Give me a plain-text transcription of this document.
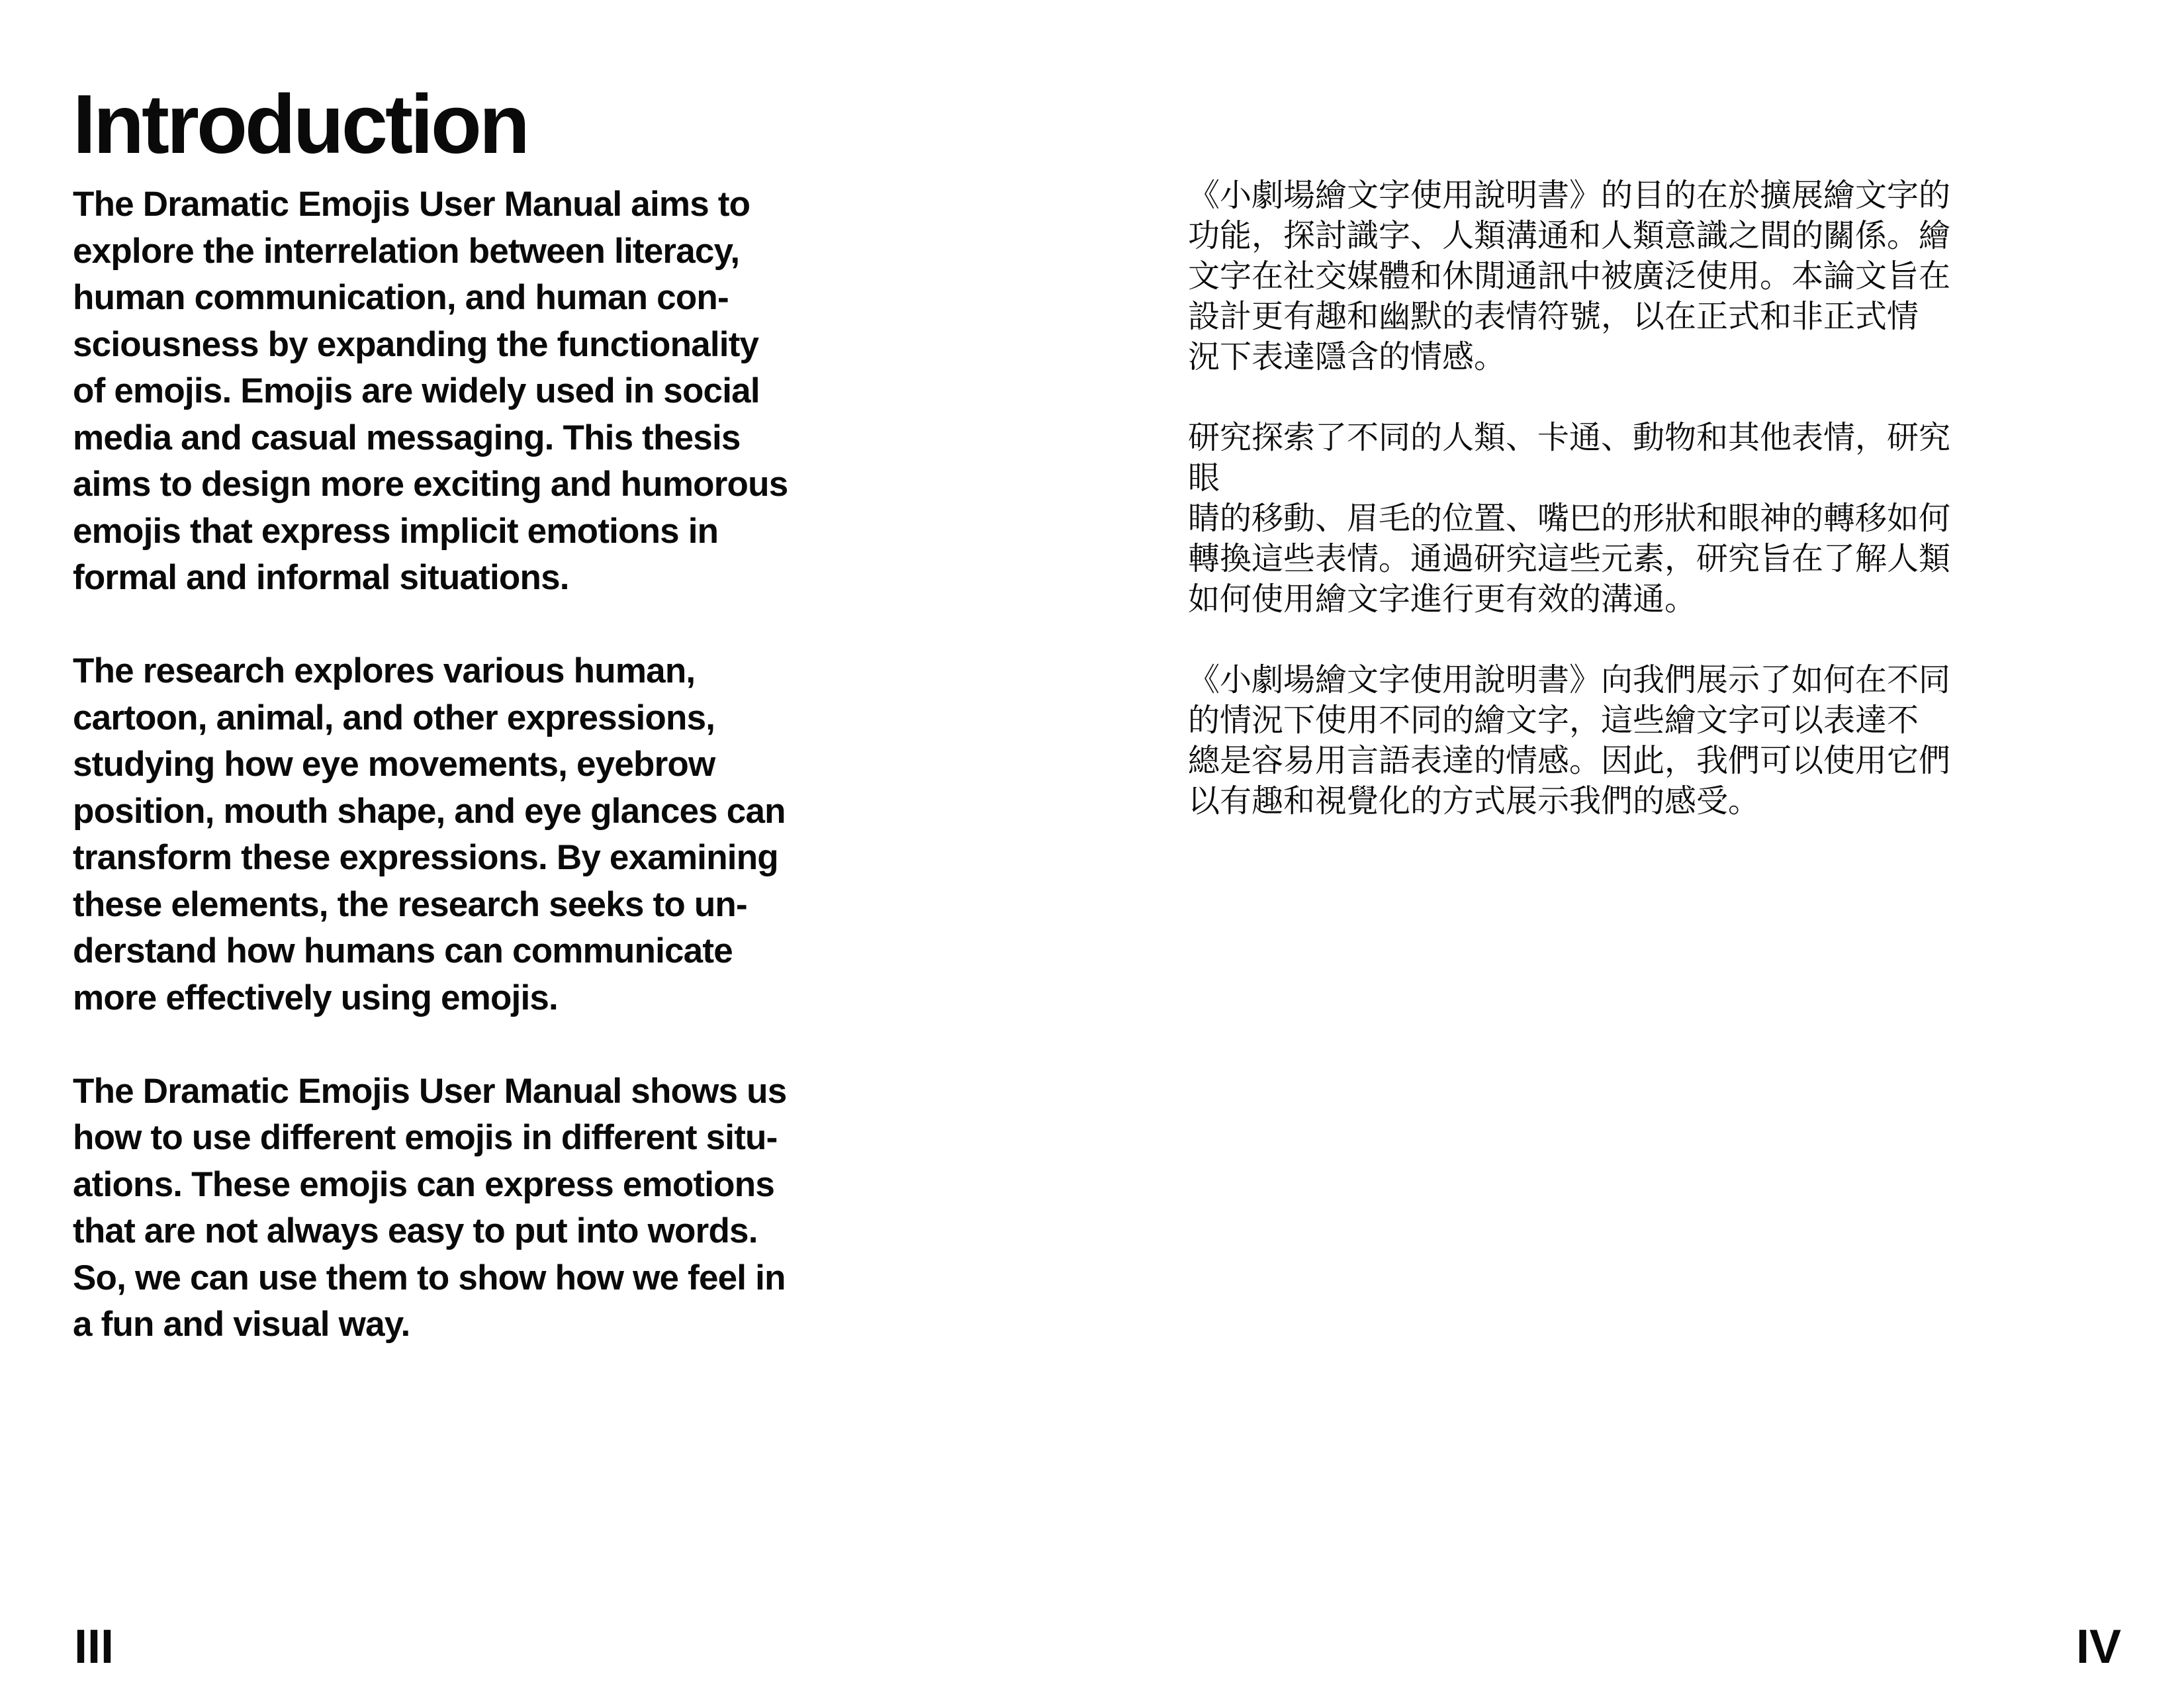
Introduction

The Dramatic Emojis User Manual aims to
explore the interrelation between literacy,
human communication, and human con-
sciousness by expanding the functionality
of emojis. Emojis are widely used in social
media and casual messaging. This thesis
aims to design more exciting and humorous
emojis that express implicit emotions in
formal and informal situations.

The research explores various human,
cartoon, animal, and other expressions,
studying how eye movements, eyebrow
position, mouth shape, and eye glances can
transform these expressions. By examining
these elements, the research seeks to un-
derstand how humans can communicate
more effectively using emojis.

The Dramatic Emojis User Manual shows us
how to use different emojis in different situ-
ations. These emojis can express emotions
that are not always easy to put into words.
So, we can use them to show how we feel in
a fun and visual way.

《小劇場繪文字使用說明書》的目的在於擴展繪文字的
功能，探討識字、人類溝通和人類意識之間的關係。繪
文字在社交媒體和休閒通訊中被廣泛使用。本論文旨在
設計更有趣和幽默的表情符號，以在正式和非正式情
況下表達隱含的情感。

研究探索了不同的人類、卡通、動物和其他表情，研究眼
睛的移動、眉毛的位置、嘴巴的形狀和眼神的轉移如何
轉換這些表情。通過研究這些元素，研究旨在了解人類
如何使用繪文字進行更有效的溝通。

《小劇場繪文字使用說明書》向我們展示了如何在不同
的情況下使用不同的繪文字，這些繪文字可以表達不
總是容易用言語表達的情感。因此，我們可以使用它們
以有趣和視覺化的方式展示我們的感受。

III	IV
